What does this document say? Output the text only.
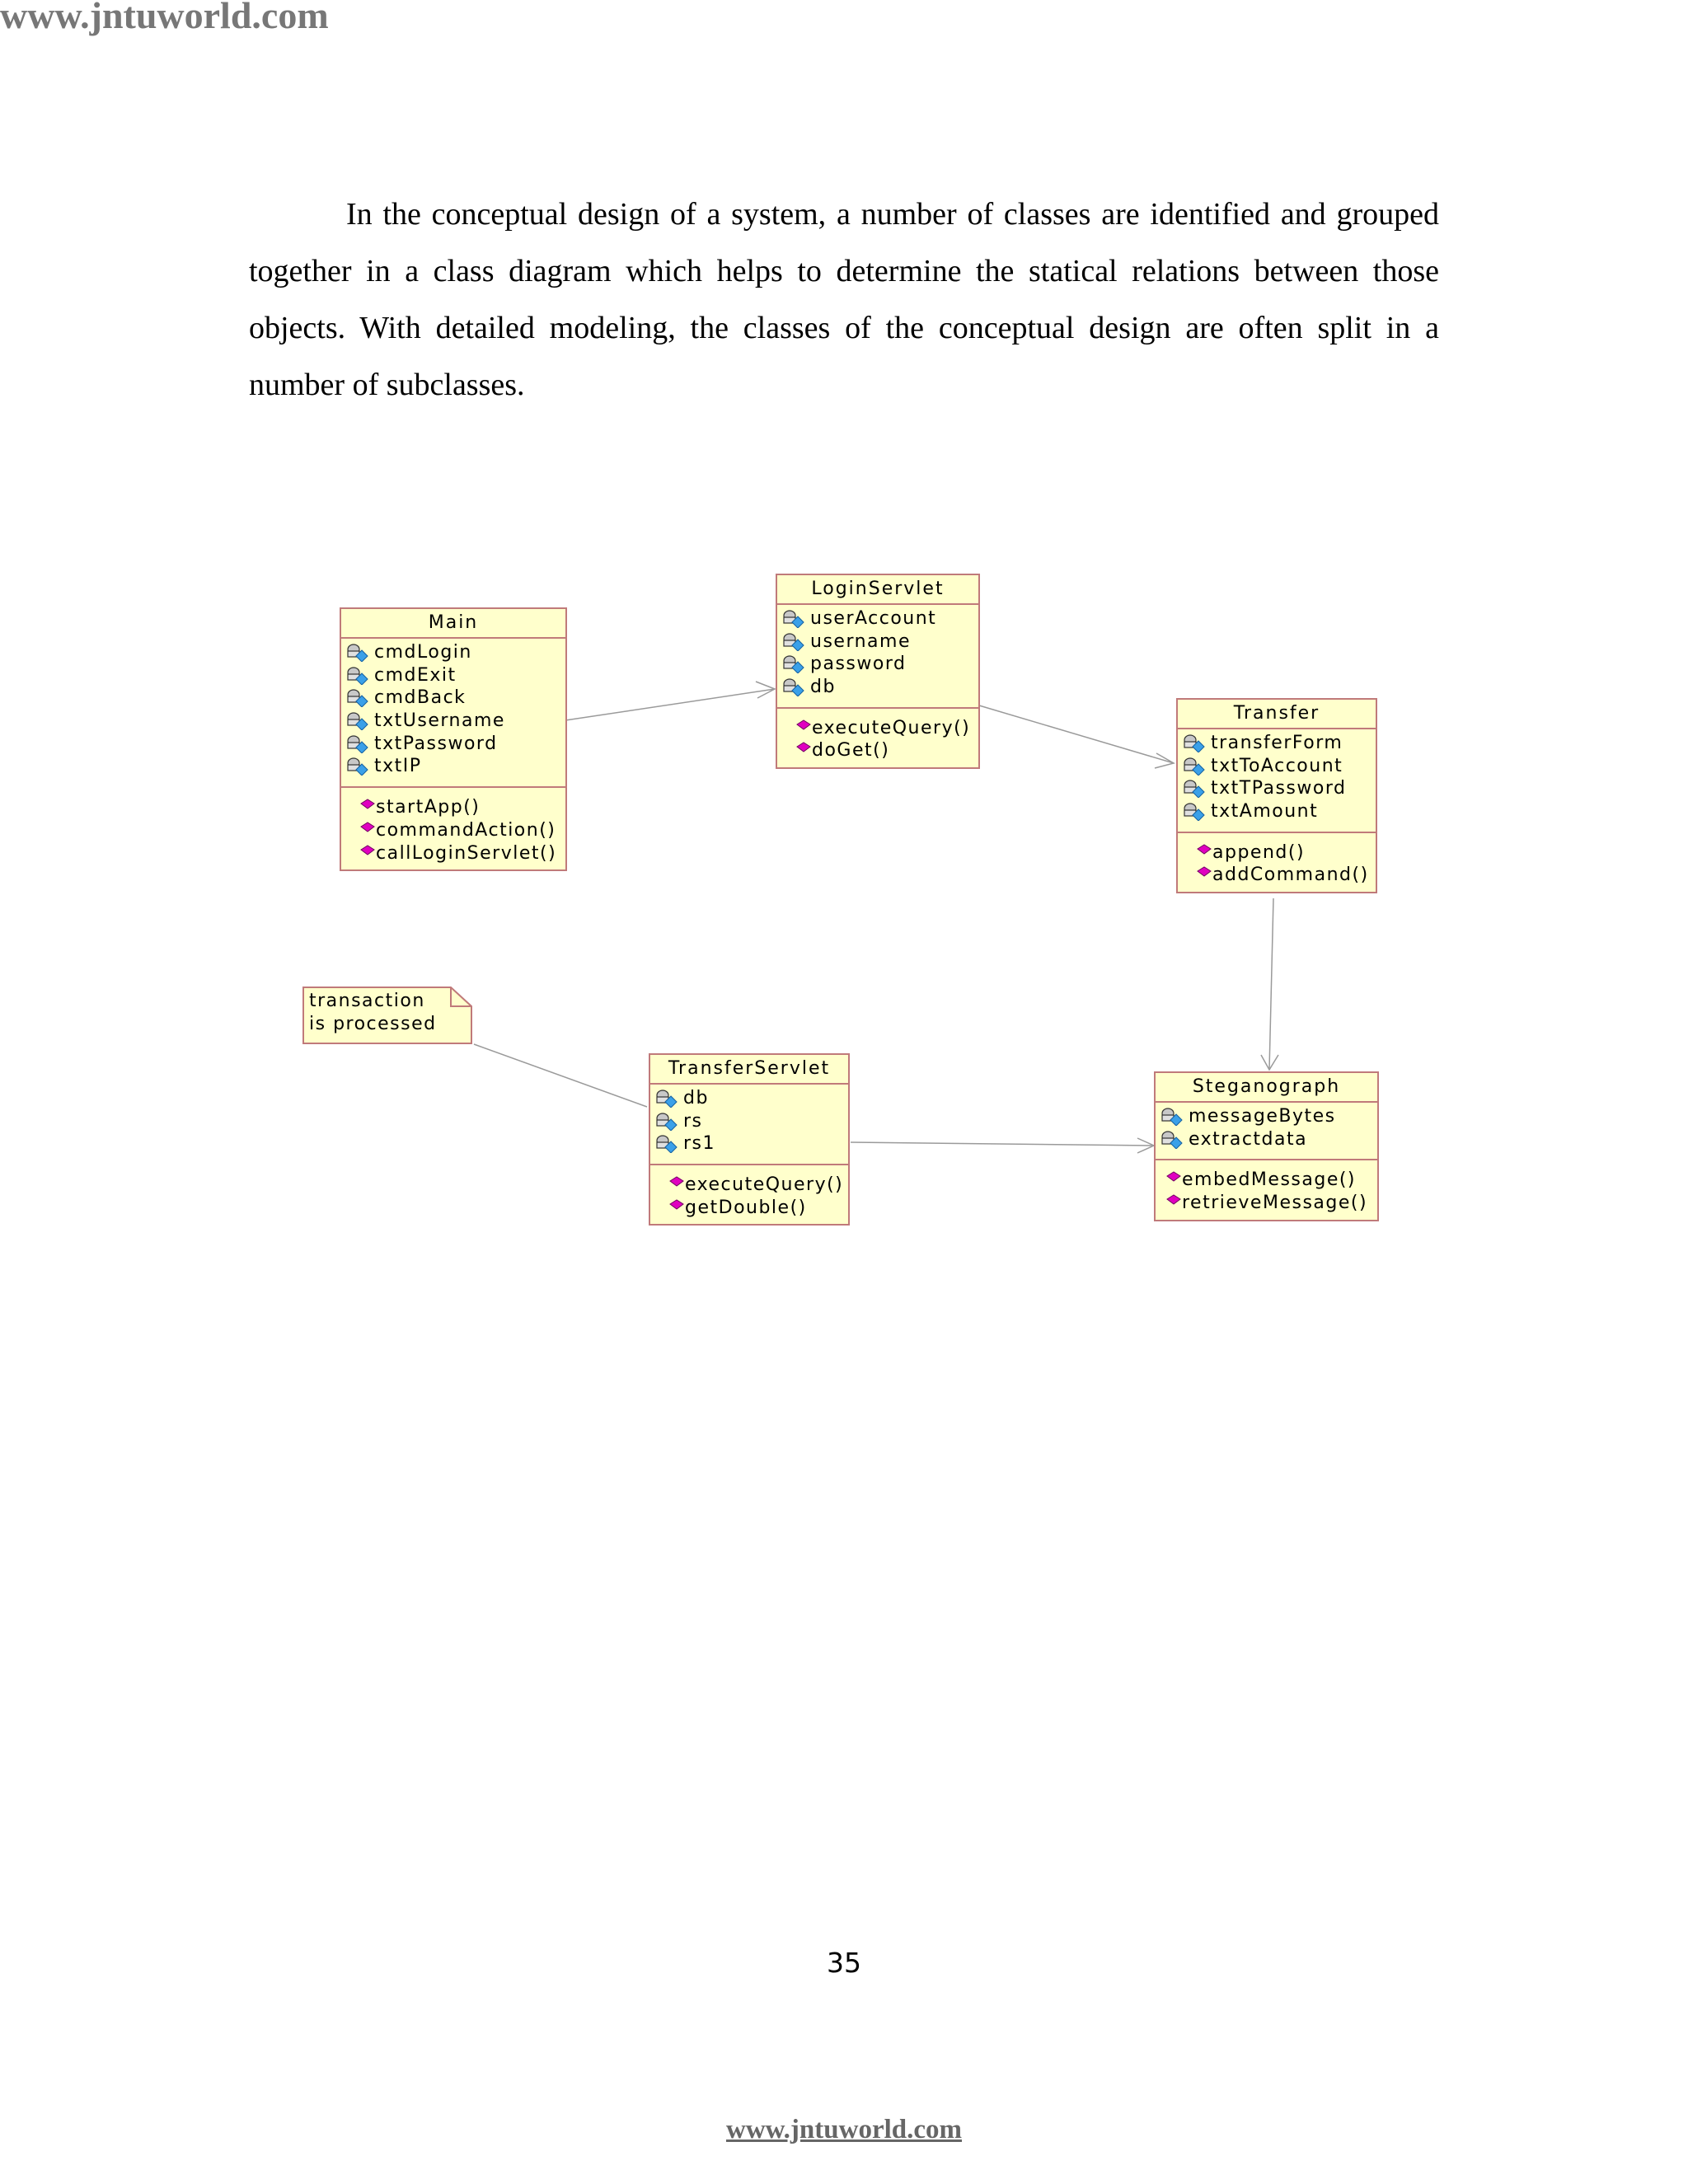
www.jntuworld.com

In the conceptual design of a system, a number of classes are identified and grouped together in a class diagram which helps to determine the statical relations between those objects. With detailed modeling, the classes of the conceptual design are often split in a number of subclasses.

Main
cmdLogin
cmdExit
cmdBack
txtUsername
txtPassword
txtIP
startApp()
commandAction()
callLoginServlet()
LoginServlet
userAccount
username
password
db
executeQuery()
doGet()
Transfer
transferForm
txtToAccount
txtTPassword
txtAmount
append()
addCommand()
TransferServlet
db
rs
rs1
executeQuery()
getDouble()
Steganograph
messageBytes
extractdata
embedMessage()
retrieveMessage()
transaction
is processed
35
www.jntuworld.com
